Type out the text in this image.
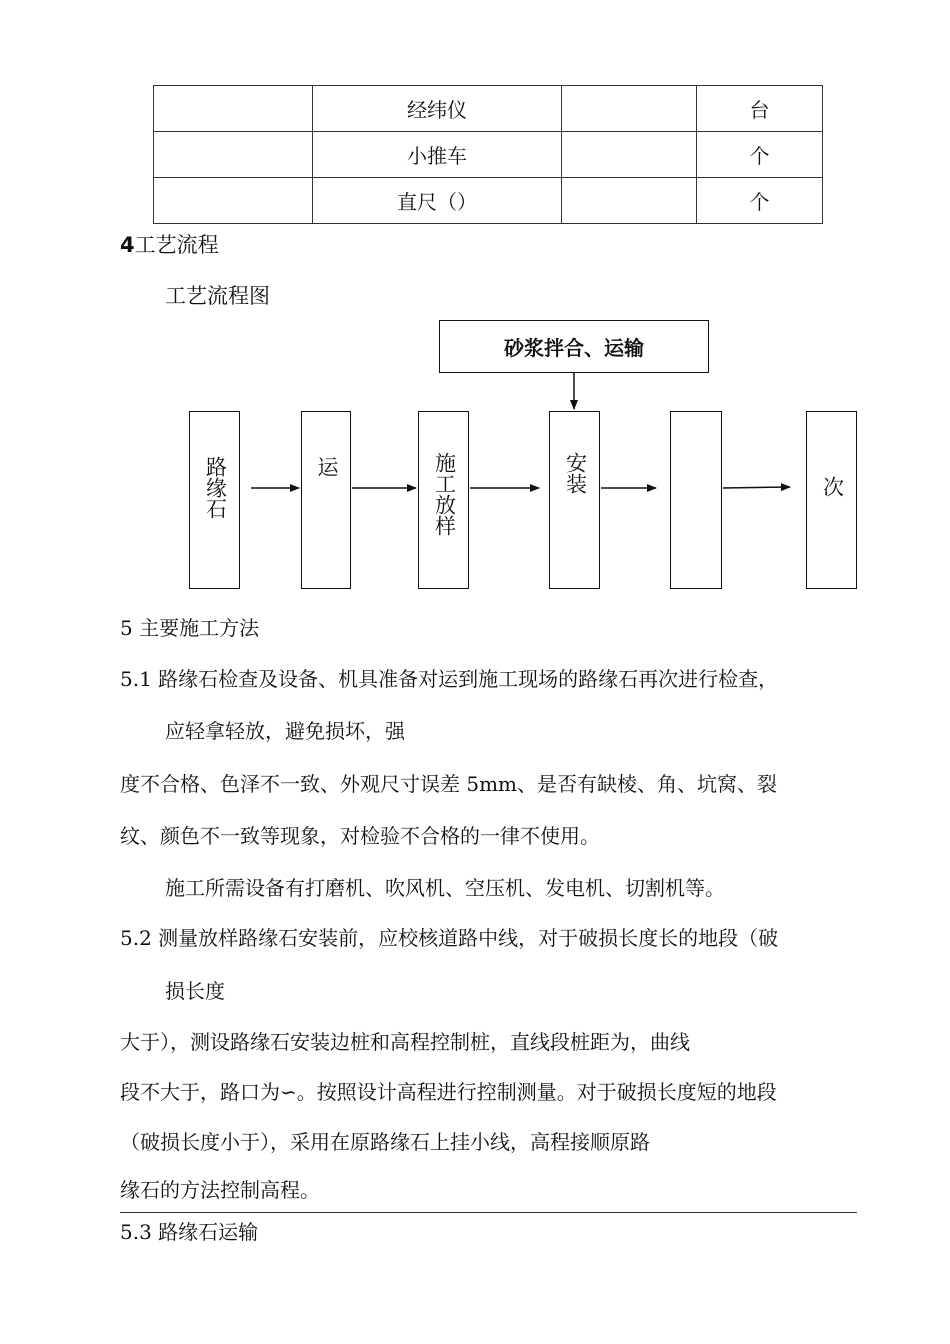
	经纬仪		台
	小推车		个
	直尺（）		个
4工艺流程
工艺流程图
砂浆拌合、运输
路缘石	运	施工放样	安装	次
5 主要施工方法
5.1 路缘石检查及设备、机具准备对运到施工现场的路缘石再次进行检查，
应轻拿轻放，避免损坏，强
度不合格、色泽不一致、外观尺寸误差 5mm、是否有缺棱、角、坑窝、裂
纹、颜色不一致等现象，对检验不合格的一律不使用。
施工所需设备有打磨机、吹风机、空压机、发电机、切割机等。
5.2 测量放样路缘石安装前，应校核道路中线，对于破损长度长的地段（破
损长度
大于），测设路缘石安装边桩和高程控制桩，直线段桩距为，曲线
段不大于，路口为∽。按照设计高程进行控制测量。对于破损长度短的地段
（破损长度小于），采用在原路缘石上挂小线，高程接顺原路
缘石的方法控制高程。
5.3 路缘石运输
